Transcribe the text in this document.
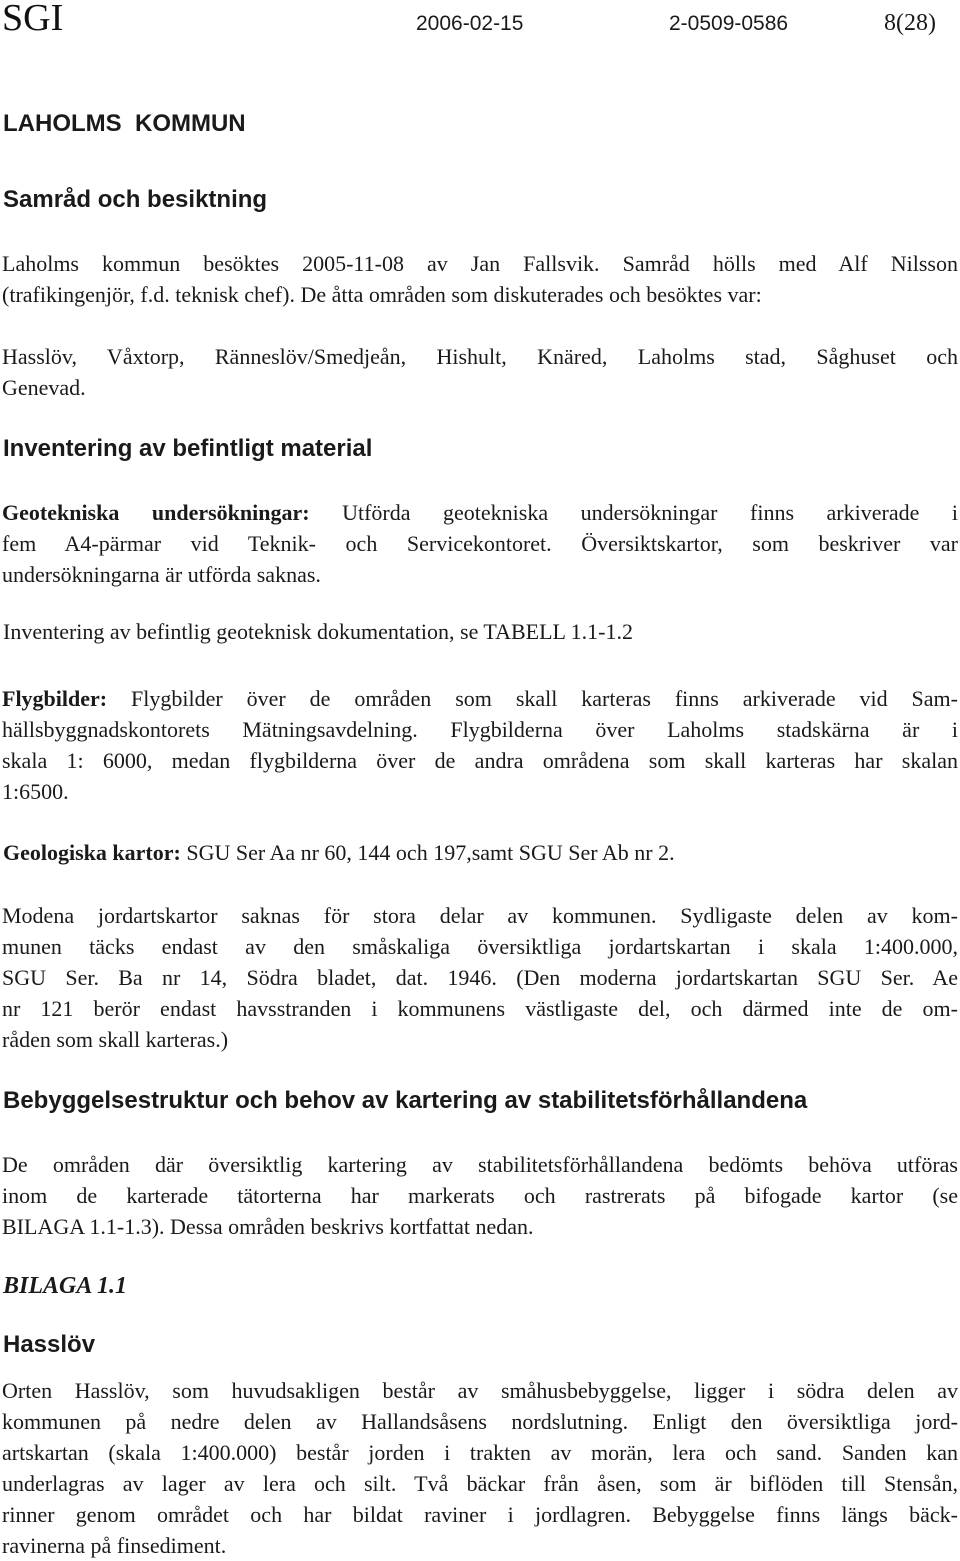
SGI	2006-02-15	2-0509-0586	8(28)
LAHOLMS  KOMMUN
Samråd och besiktning
Laholms kommun besöktes 2005-11-08 av Jan Fallsvik. Samråd hölls med Alf Nilsson
(trafikingenjör, f.d. teknisk chef). De åtta områden som diskuterades och besöktes var:
Hasslöv, Våxtorp, Ränneslöv/Smedjeån, Hishult, Knäred, Laholms stad, Såghuset och
Genevad.
Inventering av befintligt material
Geotekniska undersökningar: Utförda geotekniska undersökningar finns arkiverade i
fem A4-pärmar vid Teknik- och Servicekontoret. Översiktskartor, som beskriver var
undersökningarna är utförda saknas.
Inventering av befintlig geoteknisk dokumentation, se TABELL 1.1-1.2
Flygbilder: Flygbilder över de områden som skall karteras finns arkiverade vid Sam-
hällsbyggnadskontorets Mätningsavdelning. Flygbilderna över Laholms stadskärna är i
skala 1: 6000, medan flygbilderna över de andra områdena som skall karteras har skalan
1:6500.
Geologiska kartor: SGU Ser Aa nr 60, 144 och 197,samt SGU Ser Ab nr 2.
Modena jordartskartor saknas för stora delar av kommunen. Sydligaste delen av kom-
munen täcks endast av den småskaliga översiktliga jordartskartan i skala 1:400.000,
SGU Ser. Ba nr 14, Södra bladet, dat. 1946. (Den moderna jordartskartan SGU Ser. Ae
nr 121 berör endast havsstranden i kommunens västligaste del, och därmed inte de om-
råden som skall karteras.)
Bebyggelsestruktur och behov av kartering av stabilitetsförhållandena
De områden där översiktlig kartering av stabilitetsförhållandena bedömts behöva utföras
inom de karterade tätorterna har markerats och rastrerats på bifogade kartor (se
BILAGA 1.1-1.3). Dessa områden beskrivs kortfattat nedan.
BILAGA 1.1
Hasslöv
Orten Hasslöv, som huvudsakligen består av småhusbebyggelse, ligger i södra delen av
kommunen på nedre delen av Hallandsåsens nordslutning. Enligt den översiktliga jord-
artskartan (skala 1:400.000) består jorden i trakten av morän, lera och sand. Sanden kan
underlagras av lager av lera och silt. Två bäckar från åsen, som är biflöden till Stensån,
rinner genom området och har bildat raviner i jordlagren. Bebyggelse finns längs bäck-
ravinerna på finsediment.
